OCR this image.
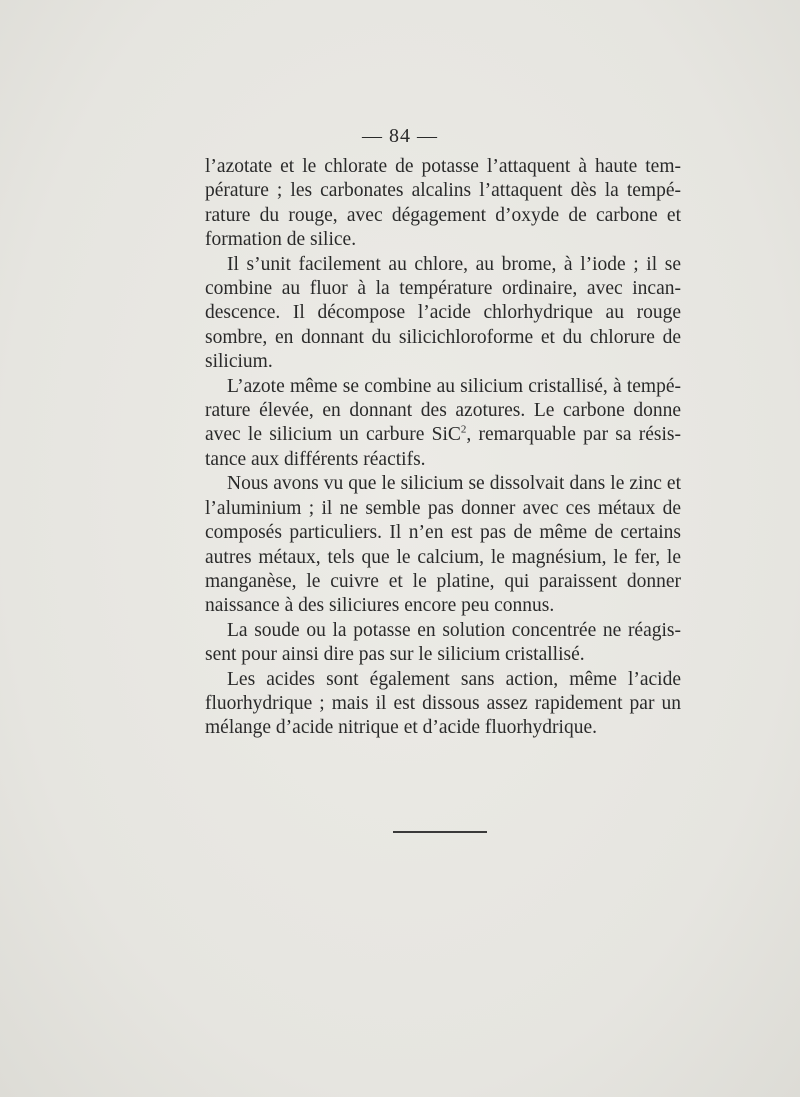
— 84 —

l’azotate et le chlorate de potasse l’attaquent à haute température ; les carbonates alcalins l’attaquent dès la température du rouge, avec dégagement d’oxyde de carbone et formation de silice.

Il s’unit facilement au chlore, au brome, à l’iode ; il se combine au fluor à la température ordinaire, avec incandescence. Il décompose l’acide chlorhydrique au rouge sombre, en donnant du silicichloroforme et du chlorure de silicium.

L’azote même se combine au silicium cristallisé, à température élevée, en donnant des azotures. Le carbone donne avec le silicium un carbure SiC$^2$, remarquable par sa résistance aux différents réactifs.

Nous avons vu que le silicium se dissolvait dans le zinc et l’aluminium ; il ne semble pas donner avec ces métaux de composés particuliers. Il n’en est pas de même de certains autres métaux, tels que le calcium, le magnésium, le fer, le manganèse, le cuivre et le platine, qui paraissent donner naissance à des siliciures encore peu connus.

La soude ou la potasse en solution concentrée ne réagissent pour ainsi dire pas sur le silicium cristallisé.

Les acides sont également sans action, même l’acide fluorhydrique ; mais il est dissous assez rapidement par un mélange d’acide nitrique et d’acide fluorhydrique.
